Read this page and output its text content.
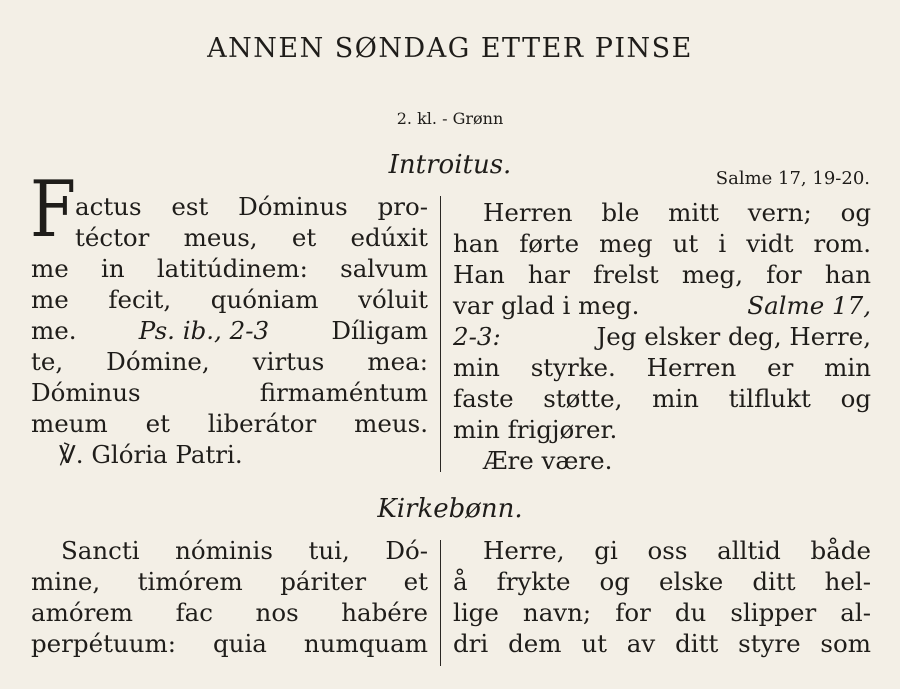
ANNEN SØNDAG ETTER PINSE
2. kl. - Grønn
Introitus.	Salme 17, 19-20.
F actus est Dóminus pro-
téctor meus, et edúxit
me in latitúdinem: salvum
me fecit, quóniam vóluit
me.	Ps. ib., 2-3	Díligam
te, Dómine, virtus mea:
Dóminus firmaméntum
meum et liberátor meus.
℣. Glória Patri.
Herren ble mitt vern; og
han førte meg ut i vidt rom.
Han har frelst meg, for han
var glad i meg.	Salme 17,
2-3:	Jeg elsker deg, Herre,
min styrke. Herren er min
faste støtte, min tilflukt og
min frigjører.
Ære være.
Kirkebønn.
Sancti nóminis tui, Dó-
mine, timórem páriter et
amórem fac nos habére
perpétuum: quia numquam
Herre, gi oss alltid både
å frykte og elske ditt hel-
lige navn; for du slipper al-
dri dem ut av ditt styre som
